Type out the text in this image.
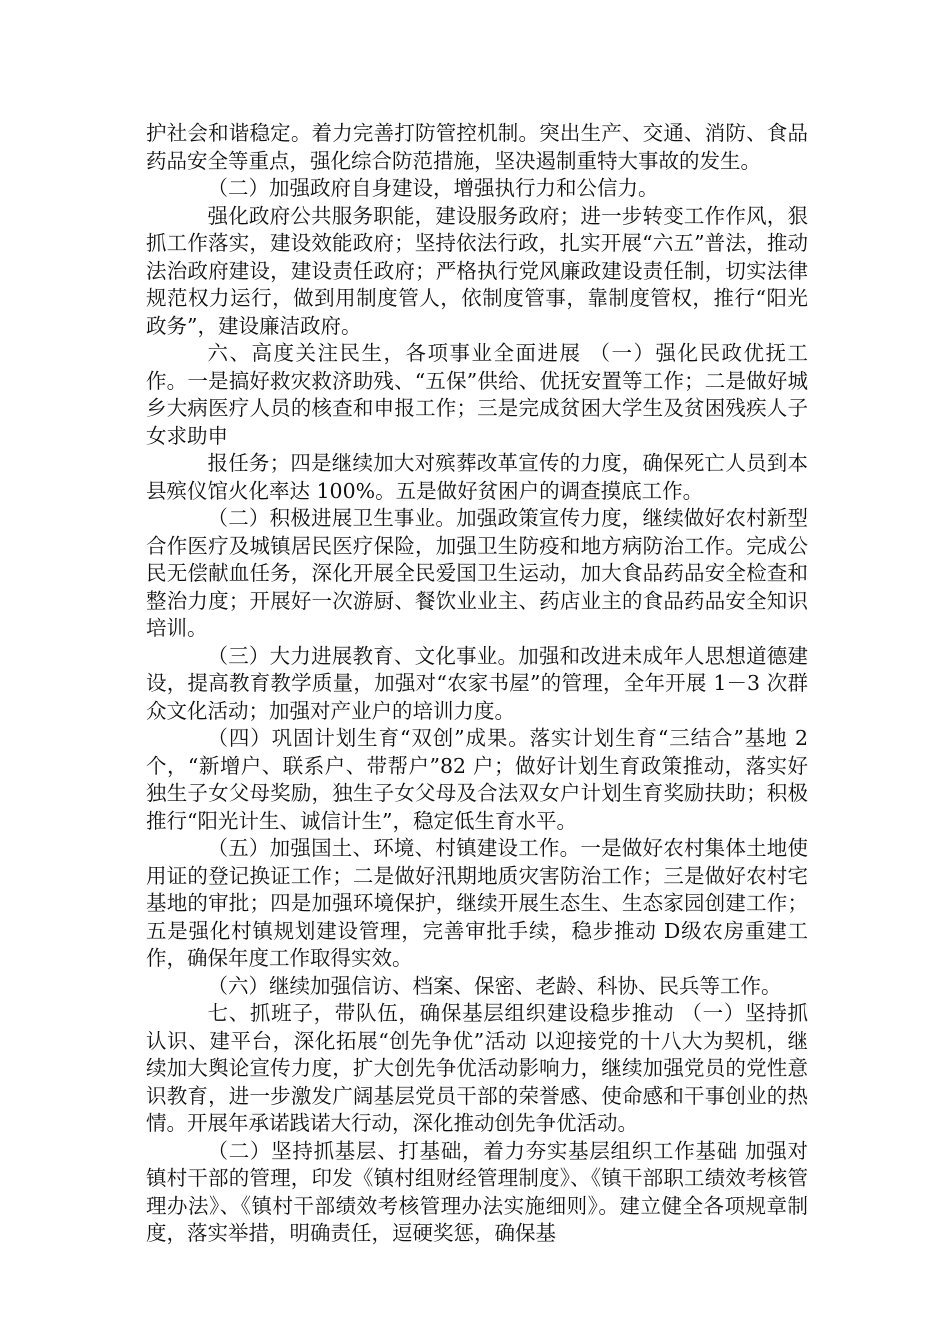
护社会和谐稳定。着力完善打防管控机制。突出生产、交通、消防、食品药品安全等重点，强化综合防范措施，坚决遏制重特大事故的发生。

（二）加强政府自身建设，增强执行力和公信力。

强化政府公共服务职能，建设服务政府；进一步转变工作作风，狠抓工作落实，建设效能政府；坚持依法行政，扎实开展“六五”普法，推动法治政府建设，建设责任政府；严格执行党风廉政建设责任制，切实法律规范权力运行，做到用制度管人，依制度管事，靠制度管权，推行“阳光政务”，建设廉洁政府。

六、高度关注民生，各项事业全面进展 （一）强化民政优抚工作。一是搞好救灾救济助残、“五保”供给、优抚安置等工作；二是做好城乡大病医疗人员的核查和申报工作；三是完成贫困大学生及贫困残疾人子女求助申

报任务；四是继续加大对殡葬改革宣传的力度，确保死亡人员到本县殡仪馆火化率达 100%。五是做好贫困户的调查摸底工作。

（二）积极进展卫生事业。加强政策宣传力度，继续做好农村新型合作医疗及城镇居民医疗保险，加强卫生防疫和地方病防治工作。完成公民无偿献血任务，深化开展全民爱国卫生运动，加大食品药品安全检查和整治力度；开展好一次游厨、餐饮业业主、药店业主的食品药品安全知识培训。

（三）大力进展教育、文化事业。加强和改进未成年人思想道德建设，提高教育教学质量，加强对“农家书屋”的管理，全年开展 1－3 次群众文化活动；加强对产业户的培训力度。

（四）巩固计划生育“双创”成果。落实计划生育“三结合”基地 2 个，“新增户、联系户、带帮户”82 户；做好计划生育政策推动，落实好独生子女父母奖励，独生子女父母及合法双女户计划生育奖励扶助；积极推行“阳光计生、诚信计生”，稳定低生育水平。

（五）加强国土、环境、村镇建设工作。一是做好农村集体土地使用证的登记换证工作；二是做好汛期地质灾害防治工作；三是做好农村宅基地的审批；四是加强环境保护，继续开展生态生、生态家园创建工作；五是强化村镇规划建设管理，完善审批手续，稳步推动 D级农房重建工作，确保年度工作取得实效。

（六）继续加强信访、档案、保密、老龄、科协、民兵等工作。

七、抓班子，带队伍，确保基层组织建设稳步推动 （一）坚持抓认识、建平台，深化拓展“创先争优”活动 以迎接党的十八大为契机，继续加大舆论宣传力度，扩大创先争优活动影响力，继续加强党员的党性意识教育，进一步激发广阔基层党员干部的荣誉感、使命感和干事创业的热情。开展年承诺践诺大行动，深化推动创先争优活动。

（二）坚持抓基层、打基础，着力夯实基层组织工作基础 加强对镇村干部的管理，印发《镇村组财经管理制度》、《镇干部职工绩效考核管理办法》、《镇村干部绩效考核管理办法实施细则》。建立健全各项规章制度，落实举措，明确责任，逗硬奖惩，确保基
